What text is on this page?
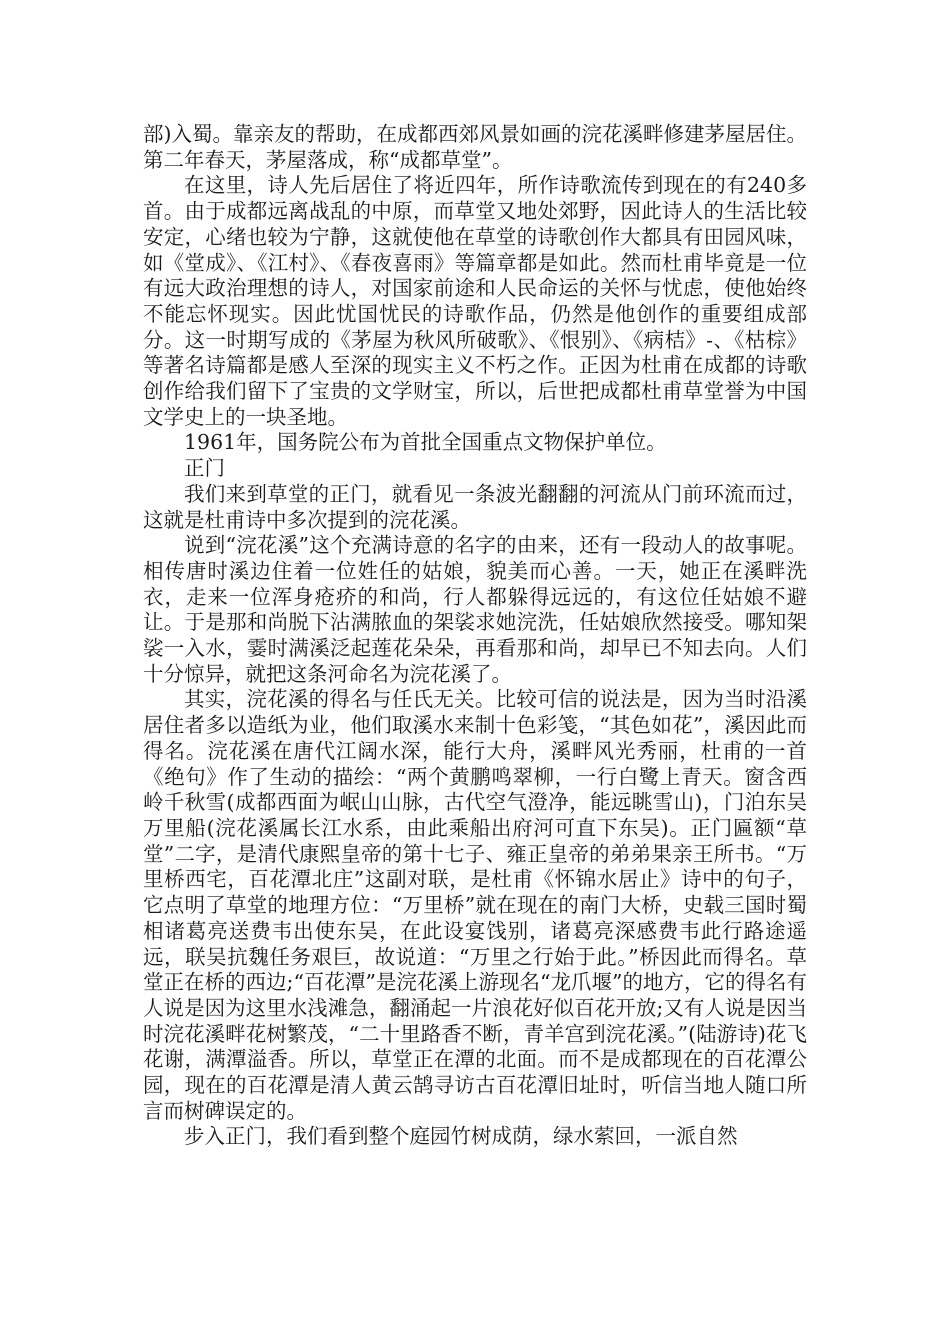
部)入蜀。靠亲友的帮助，在成都西郊风景如画的浣花溪畔修建茅屋居住。第二年春天，茅屋落成，称“成都草堂”。

在这里，诗人先后居住了将近四年，所作诗歌流传到现在的有240多首。由于成都远离战乱的中原，而草堂又地处郊野，因此诗人的生活比较安定，心绪也较为宁静，这就使他在草堂的诗歌创作大都具有田园风味，如《堂成》、《江村》、《春夜喜雨》等篇章都是如此。然而杜甫毕竟是一位有远大政治理想的诗人，对国家前途和人民命运的关怀与忧虑，使他始终不能忘怀现实。因此忧国忧民的诗歌作品，仍然是他创作的重要组成部分。这一时期写成的《茅屋为秋风所破歌》、《恨别》、《病桔》-、《枯棕》等著名诗篇都是感人至深的现实主义不朽之作。正因为杜甫在成都的诗歌创作给我们留下了宝贵的文学财宝，所以，后世把成都杜甫草堂誉为中国文学史上的一块圣地。

1961年，国务院公布为首批全国重点文物保护单位。

正门

我们来到草堂的正门，就看见一条波光翻翻的河流从门前环流而过，这就是杜甫诗中多次提到的浣花溪。

说到“浣花溪”这个充满诗意的名字的由来，还有一段动人的故事呢。相传唐时溪边住着一位姓任的姑娘，貌美而心善。一天，她正在溪畔洗衣，走来一位浑身疮疥的和尚，行人都躲得远远的，有这位任姑娘不避让。于是那和尚脱下沾满脓血的架裟求她浣洗，任姑娘欣然接受。哪知架裟一入水，霎时满溪泛起莲花朵朵，再看那和尚，却早已不知去向。人们十分惊异，就把这条河命名为浣花溪了。

其实，浣花溪的得名与任氏无关。比较可信的说法是，因为当时沿溪居住者多以造纸为业，他们取溪水来制十色彩笺，“其色如花”，溪因此而得名。浣花溪在唐代江阔水深，能行大舟，溪畔风光秀丽，杜甫的一首《绝句》作了生动的描绘：“两个黄鹏鸣翠柳，一行白鹭上青天。窗含西岭千秋雪(成都西面为岷山山脉，古代空气澄净，能远眺雪山)，门泊东吴万里船(浣花溪属长江水系，由此乘船出府河可直下东吴)。正门匾额“草堂”二字，是清代康熙皇帝的第十七子、雍正皇帝的弟弟果亲王所书。“万里桥西宅，百花潭北庄”这副对联，是杜甫《怀锦水居止》诗中的句子，它点明了草堂的地理方位：“万里桥”就在现在的南门大桥，史载三国时蜀相诸葛亮送费韦出使东吴，在此设宴饯别，诸葛亮深感费韦此行路途遥远，联吴抗魏任务艰巨，故说道：“万里之行始于此。”桥因此而得名。草堂正在桥的西边;“百花潭”是浣花溪上游现名“龙爪堰”的地方，它的得名有人说是因为这里水浅滩急，翻涌起一片浪花好似百花开放;又有人说是因当时浣花溪畔花树繁茂，“二十里路香不断，青羊宫到浣花溪。”(陆游诗)花飞花谢，满潭溢香。所以，草堂正在潭的北面。而不是成都现在的百花潭公园，现在的百花潭是清人黄云鹄寻访古百花潭旧址时，听信当地人随口所言而树碑误定的。

步入正门，我们看到整个庭园竹树成荫，绿水萦回，一派自然
